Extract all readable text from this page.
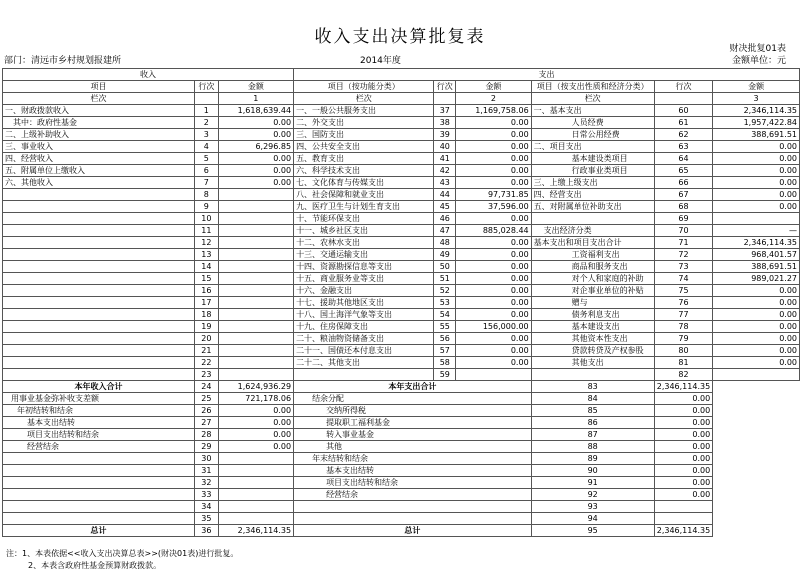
收入支出决算批复表
财决批复01表
部门：清远市乡村规划报建所	2014年度	金额单位：元
收入			支出					
项目	行次	金额	项目（按功能分类）	行次	金额	项目（按支出性质和经济分类）	行次	金额
栏次		1	栏次		2	栏次		3
一、财政拨款收入	1	1,618,639.44	一、一般公共服务支出	37	1,169,758.06	一、基本支出	60	2,346,114.35
其中：政府性基金	2	0.00	二、外交支出	38	0.00	人员经费	61	1,957,422.84
二、上级补助收入	3	0.00	三、国防支出	39	0.00	日常公用经费	62	388,691.51
三、事业收入	4	6,296.85	四、公共安全支出	40	0.00	二、项目支出	63	0.00
四、经营收入	5	0.00	五、教育支出	41	0.00	基本建设类项目	64	0.00
五、附属单位上缴收入	6	0.00	六、科学技术支出	42	0.00	行政事业类项目	65	0.00
六、其他收入	7	0.00	七、文化体育与传媒支出	43	0.00	三、上缴上级支出	66	0.00
	8		八、社会保障和就业支出	44	97,731.85	四、经营支出	67	0.00
	9		九、医疗卫生与计划生育支出	45	37,596.00	五、对附属单位补助支出	68	0.00
	10		十、节能环保支出	46	0.00		69	
	11		十一、城乡社区支出	47	885,028.44	支出经济分类	70	—
	12		十二、农林水支出	48	0.00	基本支出和项目支出合计	71	2,346,114.35
	13		十三、交通运输支出	49	0.00	工资福利支出	72	968,401.57
	14		十四、资源勘探信息等支出	50	0.00	商品和服务支出	73	388,691.51
	15		十五、商业服务业等支出	51	0.00	对个人和家庭的补助	74	989,021.27
	16		十六、金融支出	52	0.00	对企事业单位的补贴	75	0.00
	17		十七、援助其他地区支出	53	0.00	赠与	76	0.00
	18		十八、国土海洋气象等支出	54	0.00	债务利息支出	77	0.00
	19		十九、住房保障支出	55	156,000.00	基本建设支出	78	0.00
	20		二十、粮油物资储备支出	56	0.00	其他资本性支出	79	0.00
	21		二十一、国债还本付息支出	57	0.00	贷款转贷及产权参股	80	0.00
	22		二十二、其他支出	58	0.00	其他支出	81	0.00
	23			59			82	
本年收入合计	24	1,624,936.29	本年支出合计			83	2,346,114.35	
用事业基金弥补收支差额	25	721,178.06	结余分配			84	0.00	
年初结转和结余	26	0.00	交纳所得税			85	0.00	
基本支出结转	27	0.00	提取职工福利基金			86	0.00	
项目支出结转和结余	28	0.00	转入事业基金			87	0.00	
经营结余	29	0.00	其他			88	0.00	
	30		年末结转和结余			89	0.00	
	31		基本支出结转			90	0.00	
	32		项目支出结转和结余			91	0.00	
	33		经营结余			92	0.00	
	34					93		
	35					94		
总计	36	2,346,114.35	总计			95	2,346,114.35	
注：1、本表依据<<收入支出决算总表>>(财决01表)进行批复。
2、本表含政府性基金预算财政拨款。
